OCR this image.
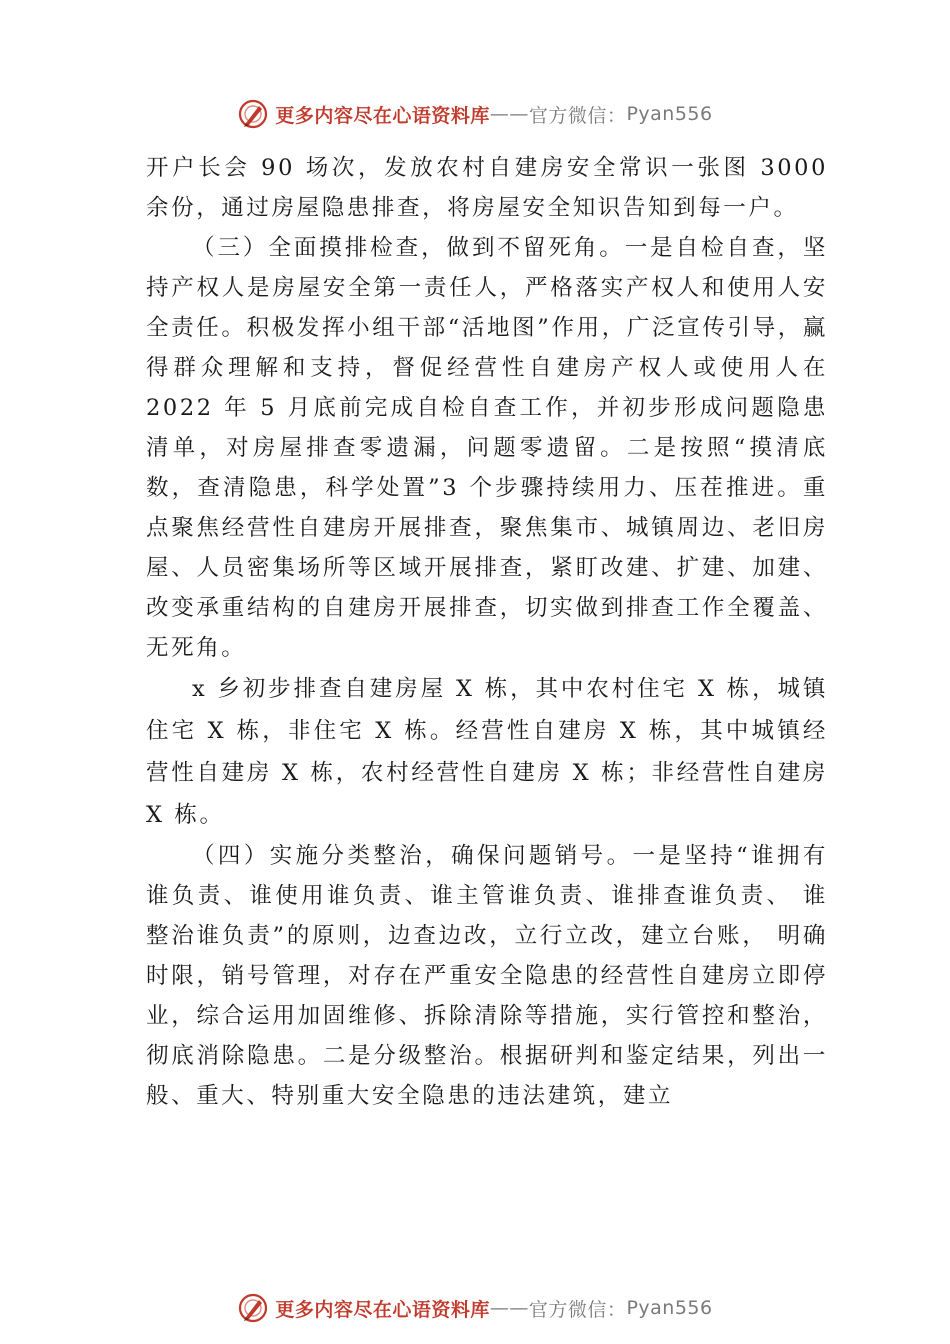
更多内容尽在心语资料库 —— 官方微信： Pyan556

开户长会 90 场次，发放农村自建房安全常识一张图 3000 余份，通过房屋隐患排查，将房屋安全知识告知到每一户。

（三）全面摸排检查，做到不留死角。一是自检自查，坚持产权人是房屋安全第一责任人，严格落实产权人和使用人安全责任。积极发挥小组干部“活地图”作用，广泛宣传引导，赢得群众理解和支持，督促经营性自建房产权人或使用人在 2022 年 5 月底前完成自检自查工作，并初步形成问题隐患清单，对房屋排查零遗漏，问题零遗留。二是按照“摸清底数，查清隐患，科学处置”3 个步骤持续用力、压茬推进。重点聚焦经营性自建房开展排查，聚焦集市、城镇周边、老旧房屋、人员密集场所等区域开展排查，紧盯改建、扩建、加建、改变承重结构的自建房开展排查，切实做到排查工作全覆盖、无死角。

x 乡初步排查自建房屋 X 栋，其中农村住宅 X 栋，城镇住宅 X 栋，非住宅 X 栋。经营性自建房 X 栋，其中城镇经营性自建房 X 栋，农村经营性自建房 X 栋；非经营性自建房 X 栋。

（四）实施分类整治，确保问题销号。一是坚持“谁拥有谁负责、谁使用谁负责、谁主管谁负责、谁排查谁负责、 谁整治谁负责”的原则，边查边改，立行立改，建立台账， 明确时限，销号管理，对存在严重安全隐患的经营性自建房立即停业，综合运用加固维修、拆除清除等措施，实行管控和整治，彻底消除隐患。二是分级整治。根据研判和鉴定结果，列出一般、重大、特别重大安全隐患的违法建筑，建立

更多内容尽在心语资料库 —— 官方微信： Pyan556
